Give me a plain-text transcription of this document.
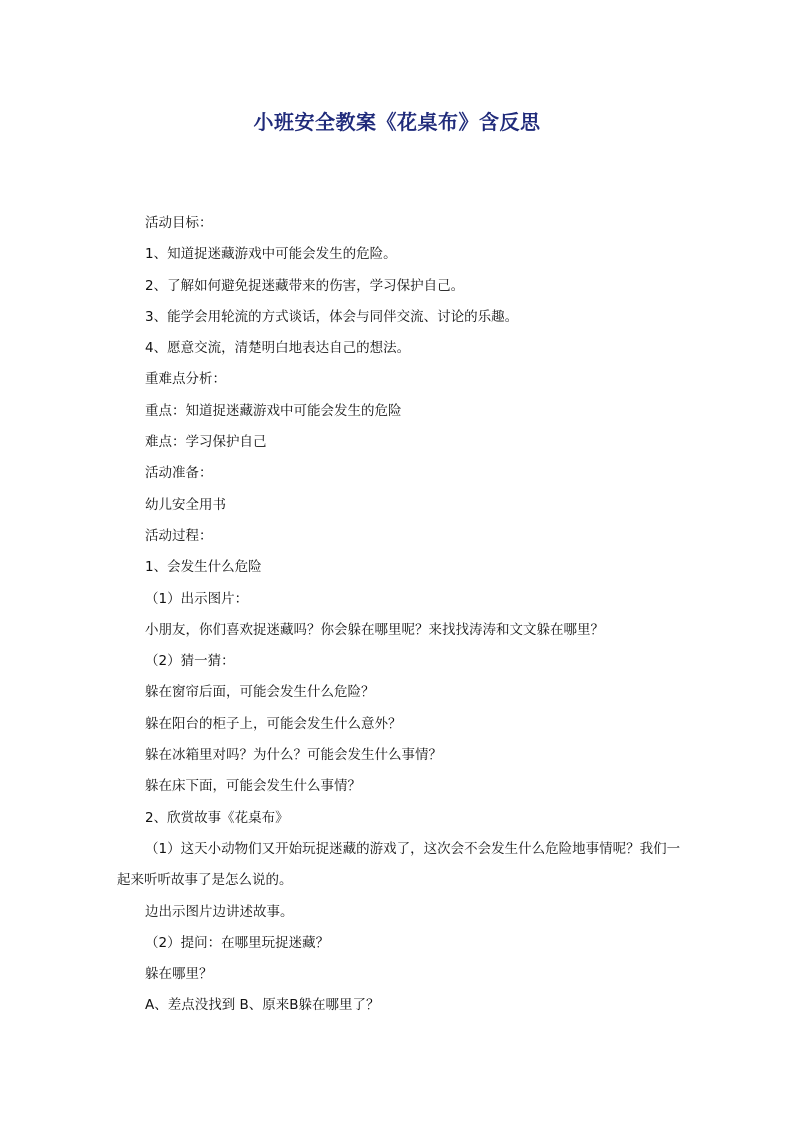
小班安全教案《花桌布》含反思

活动目标：

1、知道捉迷藏游戏中可能会发生的危险。

2、了解如何避免捉迷藏带来的伤害，学习保护自己。

3、能学会用轮流的方式谈话，体会与同伴交流、讨论的乐趣。

4、愿意交流，清楚明白地表达自己的想法。

重难点分析：

重点：知道捉迷藏游戏中可能会发生的危险

难点：学习保护自己

活动准备：

幼儿安全用书

活动过程：

1、会发生什么危险

（1）出示图片：

小朋友，你们喜欢捉迷藏吗？你会躲在哪里呢？来找找涛涛和文文躲在哪里？

（2）猜一猜：

躲在窗帘后面，可能会发生什么危险？

躲在阳台的柜子上，可能会发生什么意外？

躲在冰箱里对吗？为什么？可能会发生什么事情？

躲在床下面，可能会发生什么事情？

2、欣赏故事《花桌布》

（1）这天小动物们又开始玩捉迷藏的游戏了，这次会不会发生什么危险地事情呢？我们一起来听听故事了是怎么说的。

边出示图片边讲述故事。

（2）提问：在哪里玩捉迷藏？

躲在哪里？

A、差点没找到 B、原来B躲在哪里了？
